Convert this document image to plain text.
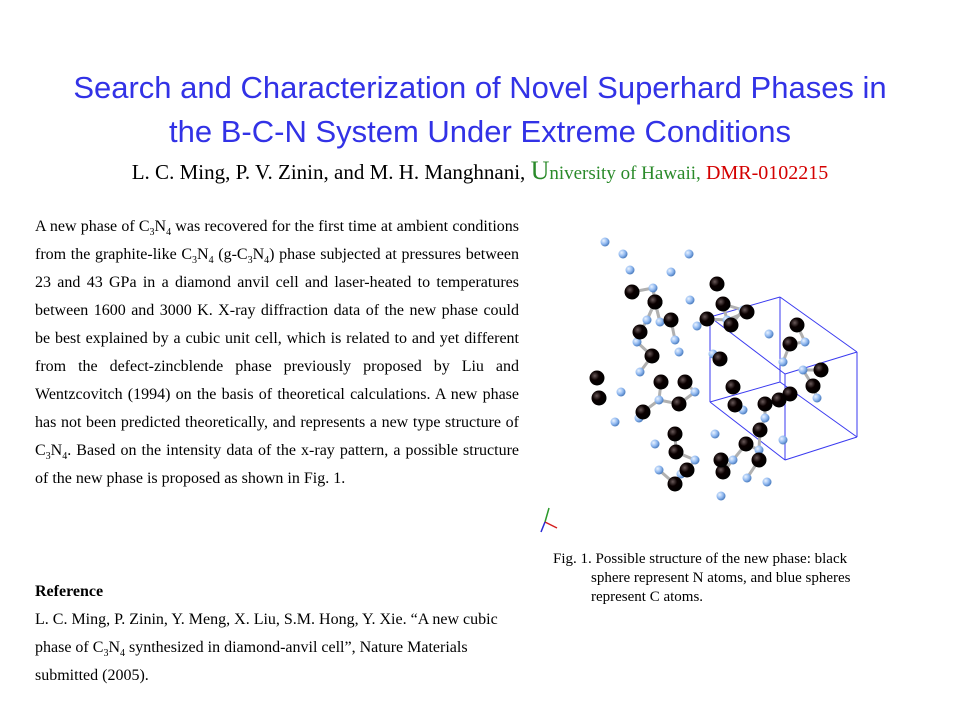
Search and Characterization of Novel Superhard Phases in
the B-C-N System Under Extreme Conditions
L. C. Ming, P. V. Zinin, and M. H. Manghnani, University of Hawaii, DMR-0102215
A new phase of $C_3N_4$ was recovered for the first time at ambient conditions from the graphite-like $C_3N_4$ $(g-C_3N_4)$ phase subjected at pressures between 23 and 43 GPa in a diamond anvil cell and laser-heated to temperatures between 1600 and 3000 K. X-ray diffraction data of the new phase could be best explained by a cubic unit cell, which is related to and yet different from the defect-zincblende phase previously proposed by Liu and Wentzcovitch (1994) on the basis of theoretical calculations. A new phase has not been predicted theoretically, and represents a new type structure of $C_3N_4$. Based on the intensity data of the x-ray pattern, a possible structure of the new phase is proposed as shown in Fig. 1.
Reference
L. C. Ming, P. Zinin, Y. Meng, X. Liu, S.M. Hong, Y. Xie. “A new cubic phase of $C_3N_4$ synthesized in diamond-anvil cell”, Nature Materials submitted (2005).
Fig. 1. Possible structure of the new phase: black
sphere represent N atoms, and blue spheres
represent C atoms.
